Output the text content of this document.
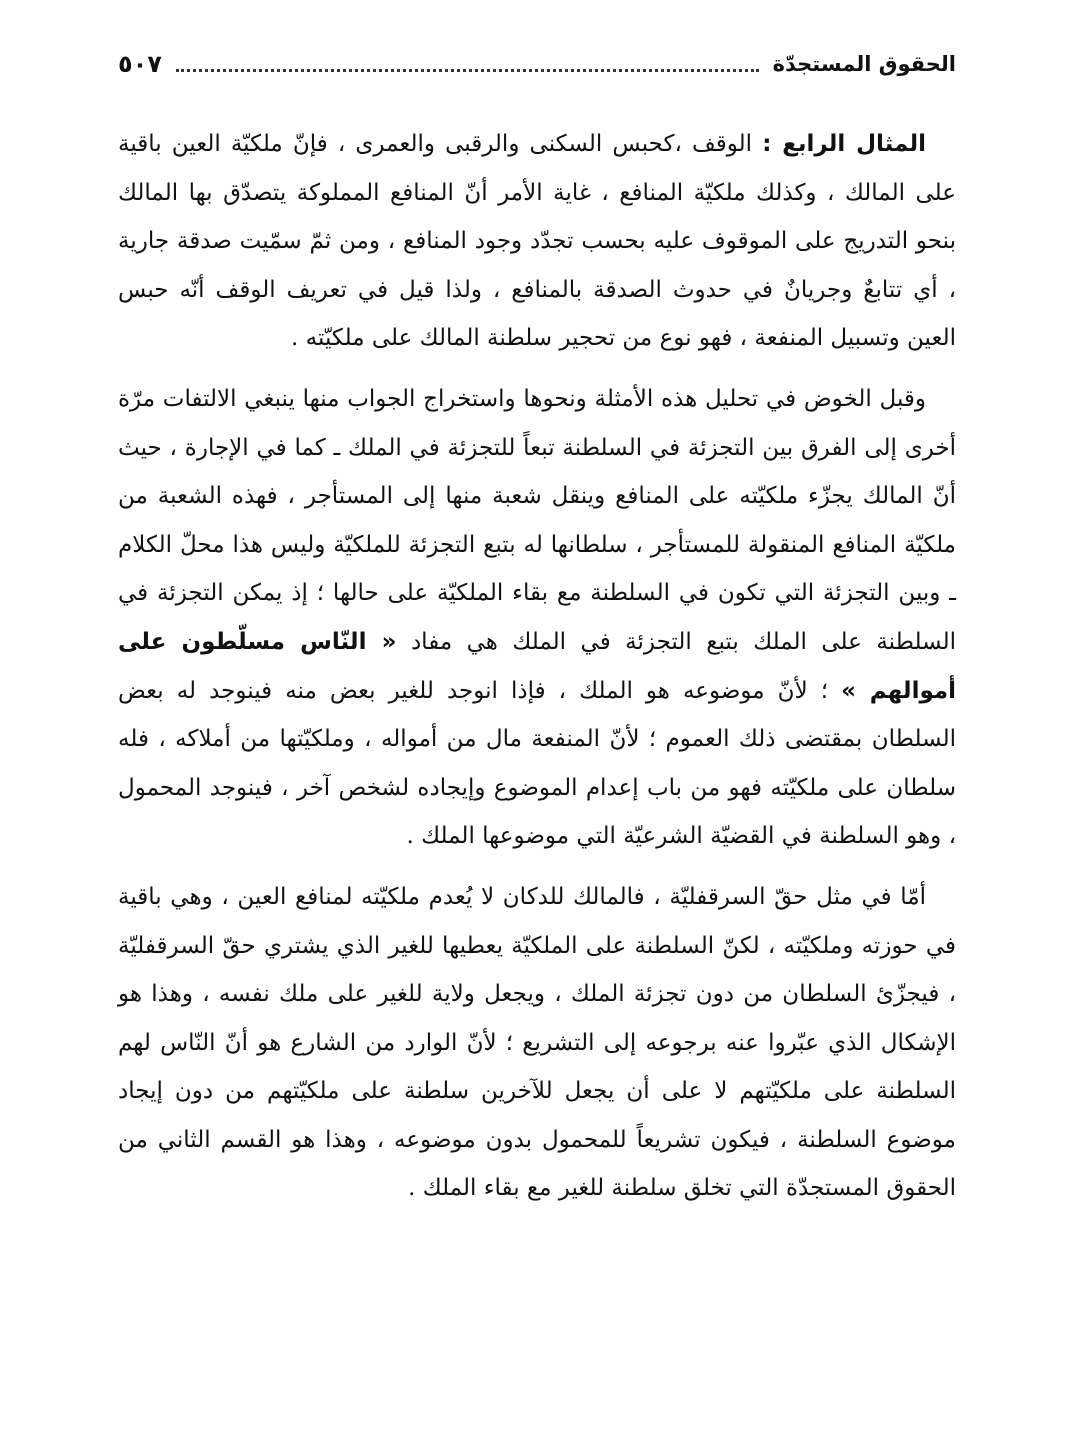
الحقوق المستجدّة
٥٠٧

المثال الرابع : الوقف ،كحبس السكنى والرقبى والعمرى ، فإنّ ملكيّة العين باقية على المالك ، وكذلك ملكيّة المنافع ، غاية الأمر أنّ المنافع المملوكة يتصدّق بها المالك بنحو التدريج على الموقوف عليه بحسب تجدّد وجود المنافع ، ومن ثمّ سمّيت صدقة جارية ، أي تتابعٌ وجريانٌ في حدوث الصدقة بالمنافع ، ولذا قيل في تعريف الوقف أنّه حبس العين وتسبيل المنفعة ، فهو نوع من تحجير سلطنة المالك على ملكيّته .

وقبل الخوض في تحليل هذه الأمثلة ونحوها واستخراج الجواب منها ينبغي الالتفات مرّة أخرى إلى الفرق بين التجزئة في السلطنة تبعاً للتجزئة في الملك ـ كما في الإجارة ، حيث أنّ المالك يجزّء ملكيّته على المنافع وينقل شعبة منها إلى المستأجر ، فهذه الشعبة من ملكيّة المنافع المنقولة للمستأجر ، سلطانها له بتبع التجزئة للملكيّة وليس هذا محلّ الكلام ـ وبين التجزئة التي تكون في السلطنة مع بقاء الملكيّة على حالها ؛ إذ يمكن التجزئة في السلطنة على الملك بتبع التجزئة في الملك هي مفاد « النّاس مسلّطون على أموالهم » ؛ لأنّ موضوعه هو الملك ، فإذا انوجد للغير بعض منه فينوجد له بعض السلطان بمقتضى ذلك العموم ؛ لأنّ المنفعة مال من أمواله ، وملكيّتها من أملاكه ، فله سلطان على ملكيّته فهو من باب إعدام الموضوع وإيجاده لشخص آخر ، فينوجد المحمول ، وهو السلطنة في القضيّة الشرعيّة التي موضوعها الملك .

أمّا في مثل حقّ السرقفليّة ، فالمالك للدكان لا يُعدم ملكيّته لمنافع العين ، وهي باقية في حوزته وملكيّته ، لكنّ السلطنة على الملكيّة يعطيها للغير الذي يشتري حقّ السرقفليّة ، فيجزّئ السلطان من دون تجزئة الملك ، ويجعل ولاية للغير على ملك نفسه ، وهذا هو الإشكال الذي عبّروا عنه برجوعه إلى التشريع ؛ لأنّ الوارد من الشارع هو أنّ النّاس لهم السلطنة على ملكيّتهم لا على أن يجعل للآخرين سلطنة على ملكيّتهم من دون إيجاد موضوع السلطنة ، فيكون تشريعاً للمحمول بدون موضوعه ، وهذا هو القسم الثاني من الحقوق المستجدّة التي تخلق سلطنة للغير مع بقاء الملك .
